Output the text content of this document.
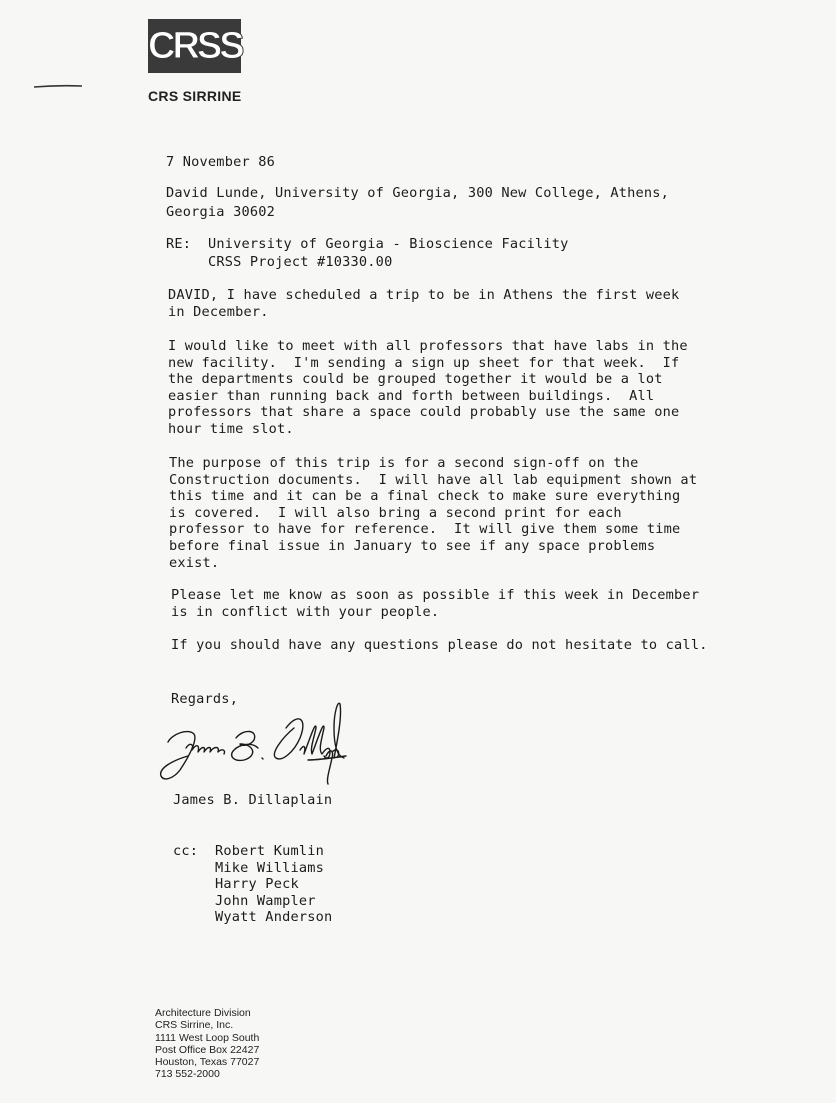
CRSS
CRS SIRRINE
7 November 86
David Lunde, University of Georgia, 300 New College, Athens,
Georgia 30602
RE: University of Georgia - Bioscience Facility
CRSS Project #10330.00
DAVID, I have scheduled a trip to be in Athens the first week
in December.
I would like to meet with all professors that have labs in the
new facility.  I'm sending a sign up sheet for that week.  If
the departments could be grouped together it would be a lot
easier than running back and forth between buildings.  All
professors that share a space could probably use the same one
hour time slot.
The purpose of this trip is for a second sign-off on the
Construction documents.  I will have all lab equipment shown at
this time and it can be a final check to make sure everything
is covered.  I will also bring a second print for each
professor to have for reference.  It will give them some time
before final issue in January to see if any space problems
exist.
Please let me know as soon as possible if this week in December
is in conflict with your people.
If you should have any questions please do not hesitate to call.
Regards,
James B. Dillaplain
cc: Robert Kumlin
Mike Williams
Harry Peck
John Wampler
Wyatt Anderson
Architecture Division
CRS Sirrine, Inc.
1111 West Loop South
Post Office Box 22427
Houston, Texas 77027
713 552-2000
